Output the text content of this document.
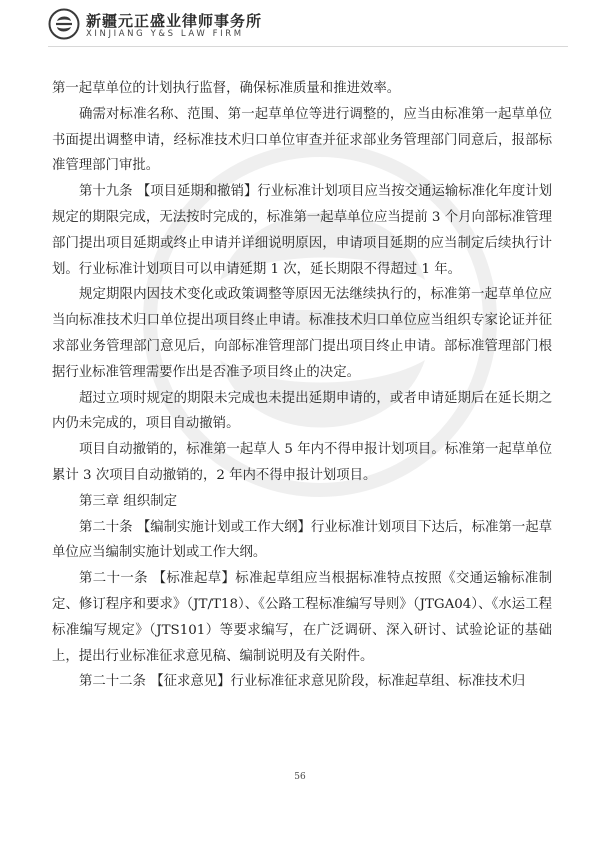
新疆元正盛业律师事务所
XINJIANG Y&S LAW FIRM

第一起草单位的计划执行监督，确保标准质量和推进效率。

确需对标准名称、范围、第一起草单位等进行调整的，应当由标准第一起草单位书面提出调整申请，经标准技术归口单位审查并征求部业务管理部门同意后，报部标准管理部门审批。

第十九条 【项目延期和撤销】行业标准计划项目应当按交通运输标准化年度计划规定的期限完成，无法按时完成的，标准第一起草单位应当提前 3 个月向部标准管理部门提出项目延期或终止申请并详细说明原因，申请项目延期的应当制定后续执行计划。行业标准计划项目可以申请延期 1 次，延长期限不得超过 1 年。

规定期限内因技术变化或政策调整等原因无法继续执行的，标准第一起草单位应当向标准技术归口单位提出项目终止申请。标准技术归口单位应当组织专家论证并征求部业务管理部门意见后，向部标准管理部门提出项目终止申请。部标准管理部门根据行业标准管理需要作出是否准予项目终止的决定。

超过立项时规定的期限未完成也未提出延期申请的，或者申请延期后在延长期之内仍未完成的，项目自动撤销。

项目自动撤销的，标准第一起草人 5 年内不得申报计划项目。标准第一起草单位累计 3 次项目自动撤销的，2 年内不得申报计划项目。

第三章 组织制定

第二十条 【编制实施计划或工作大纲】行业标准计划项目下达后，标准第一起草单位应当编制实施计划或工作大纲。

第二十一条 【标准起草】标准起草组应当根据标准特点按照《交通运输标准制定、修订程序和要求》（JT/T18）、《公路工程标准编写导则》（JTGA04）、《水运工程标准编写规定》（JTS101）等要求编写，在广泛调研、深入研讨、试验论证的基础上，提出行业标准征求意见稿、编制说明及有关附件。

第二十二条 【征求意见】行业标准征求意见阶段，标准起草组、标准技术归

56
